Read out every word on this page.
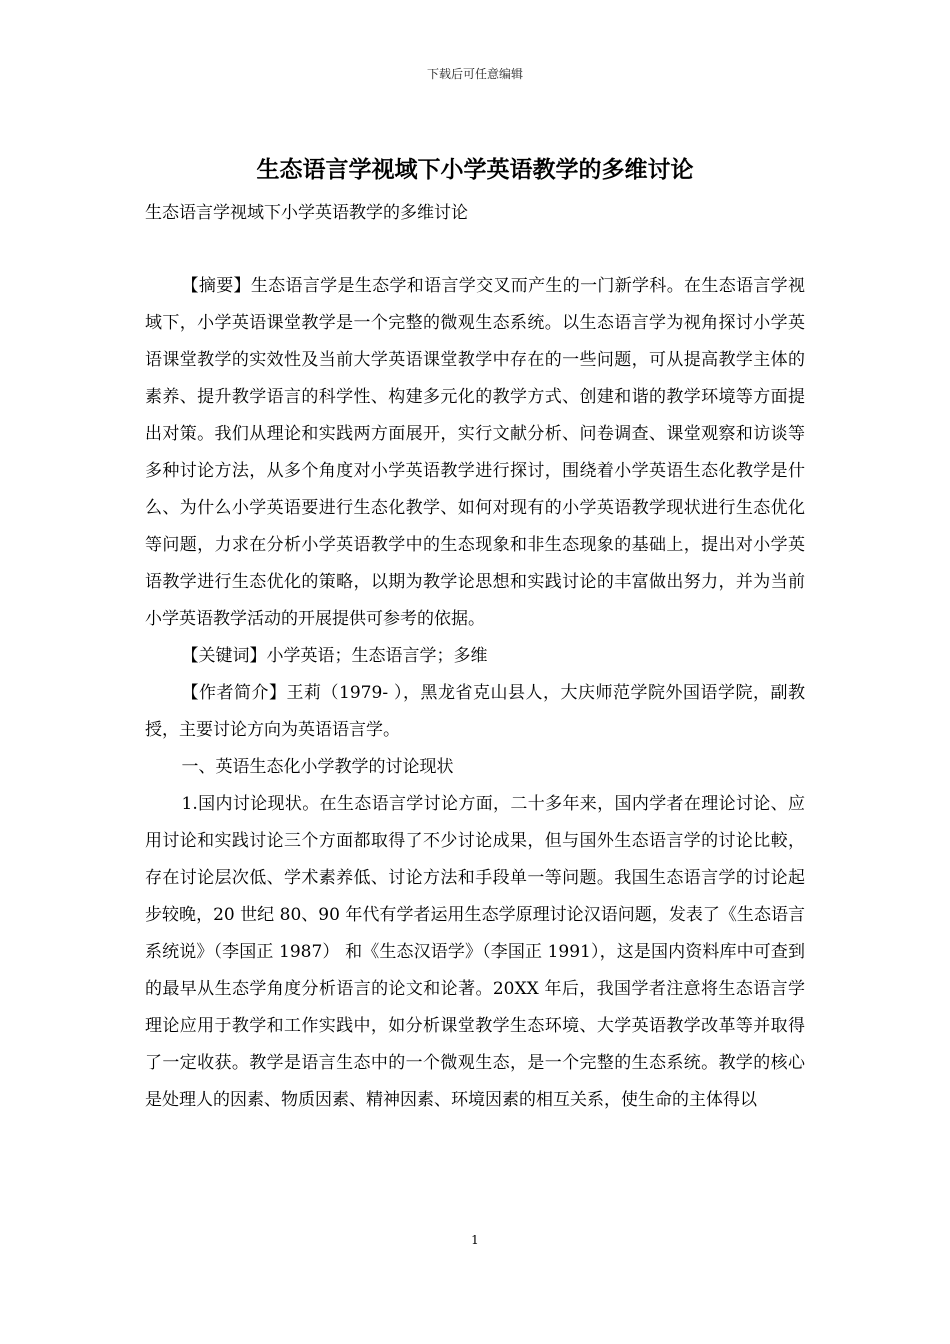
下载后可任意编辑
生态语言学视域下小学英语教学的多维讨论

生态语言学视域下小学英语教学的多维讨论

【摘要】生态语言学是生态学和语言学交叉而产生的一门新学科。在生态语言学视域下，小学英语课堂教学是一个完整的微观生态系统。以生态语言学为视角探讨小学英语课堂教学的实效性及当前大学英语课堂教学中存在的一些问题，可从提高教学主体的素养、提升教学语言的科学性、构建多元化的教学方式、创建和谐的教学环境等方面提出对策。我们从理论和实践两方面展开，实行文献分析、问卷调查、课堂观察和访谈等多种讨论方法，从多个角度对小学英语教学进行探讨，围绕着小学英语生态化教学是什么、为什么小学英语要进行生态化教学、如何对现有的小学英语教学现状进行生态优化等问题，力求在分析小学英语教学中的生态现象和非生态现象的基础上，提出对小学英语教学进行生态优化的策略，以期为教学论思想和实践讨论的丰富做出努力，并为当前小学英语教学活动的开展提供可参考的依据。

【关键词】小学英语；生态语言学；多维

【作者简介】王莉（1979- ），黑龙省克山县人，大庆师范学院外国语学院，副教授，主要讨论方向为英语语言学。

一、英语生态化小学教学的讨论现状

1.国内讨论现状。在生态语言学讨论方面，二十多年来，国内学者在理论讨论、应用讨论和实践讨论三个方面都取得了不少讨论成果，但与国外生态语言学的讨论比較，存在讨论层次低、学术素养低、讨论方法和手段单一等问题。我国生态语言学的讨论起步较晚，20 世纪 80、90 年代有学者运用生态学原理讨论汉语问题，发表了《生态语言系统说》（李国正 1987） 和《生态汉语学》（李国正 1991），这是国内资料库中可查到的最早从生态学角度分析语言的论文和论著。20XX 年后，我国学者注意将生态语言学理论应用于教学和工作实践中，如分析课堂教学生态环境、大学英语教学改革等并取得了一定收获。教学是语言生态中的一个微观生态，是一个完整的生态系统。教学的核心是处理人的因素、物质因素、精神因素、环境因素的相互关系，使生命的主体得以

1
